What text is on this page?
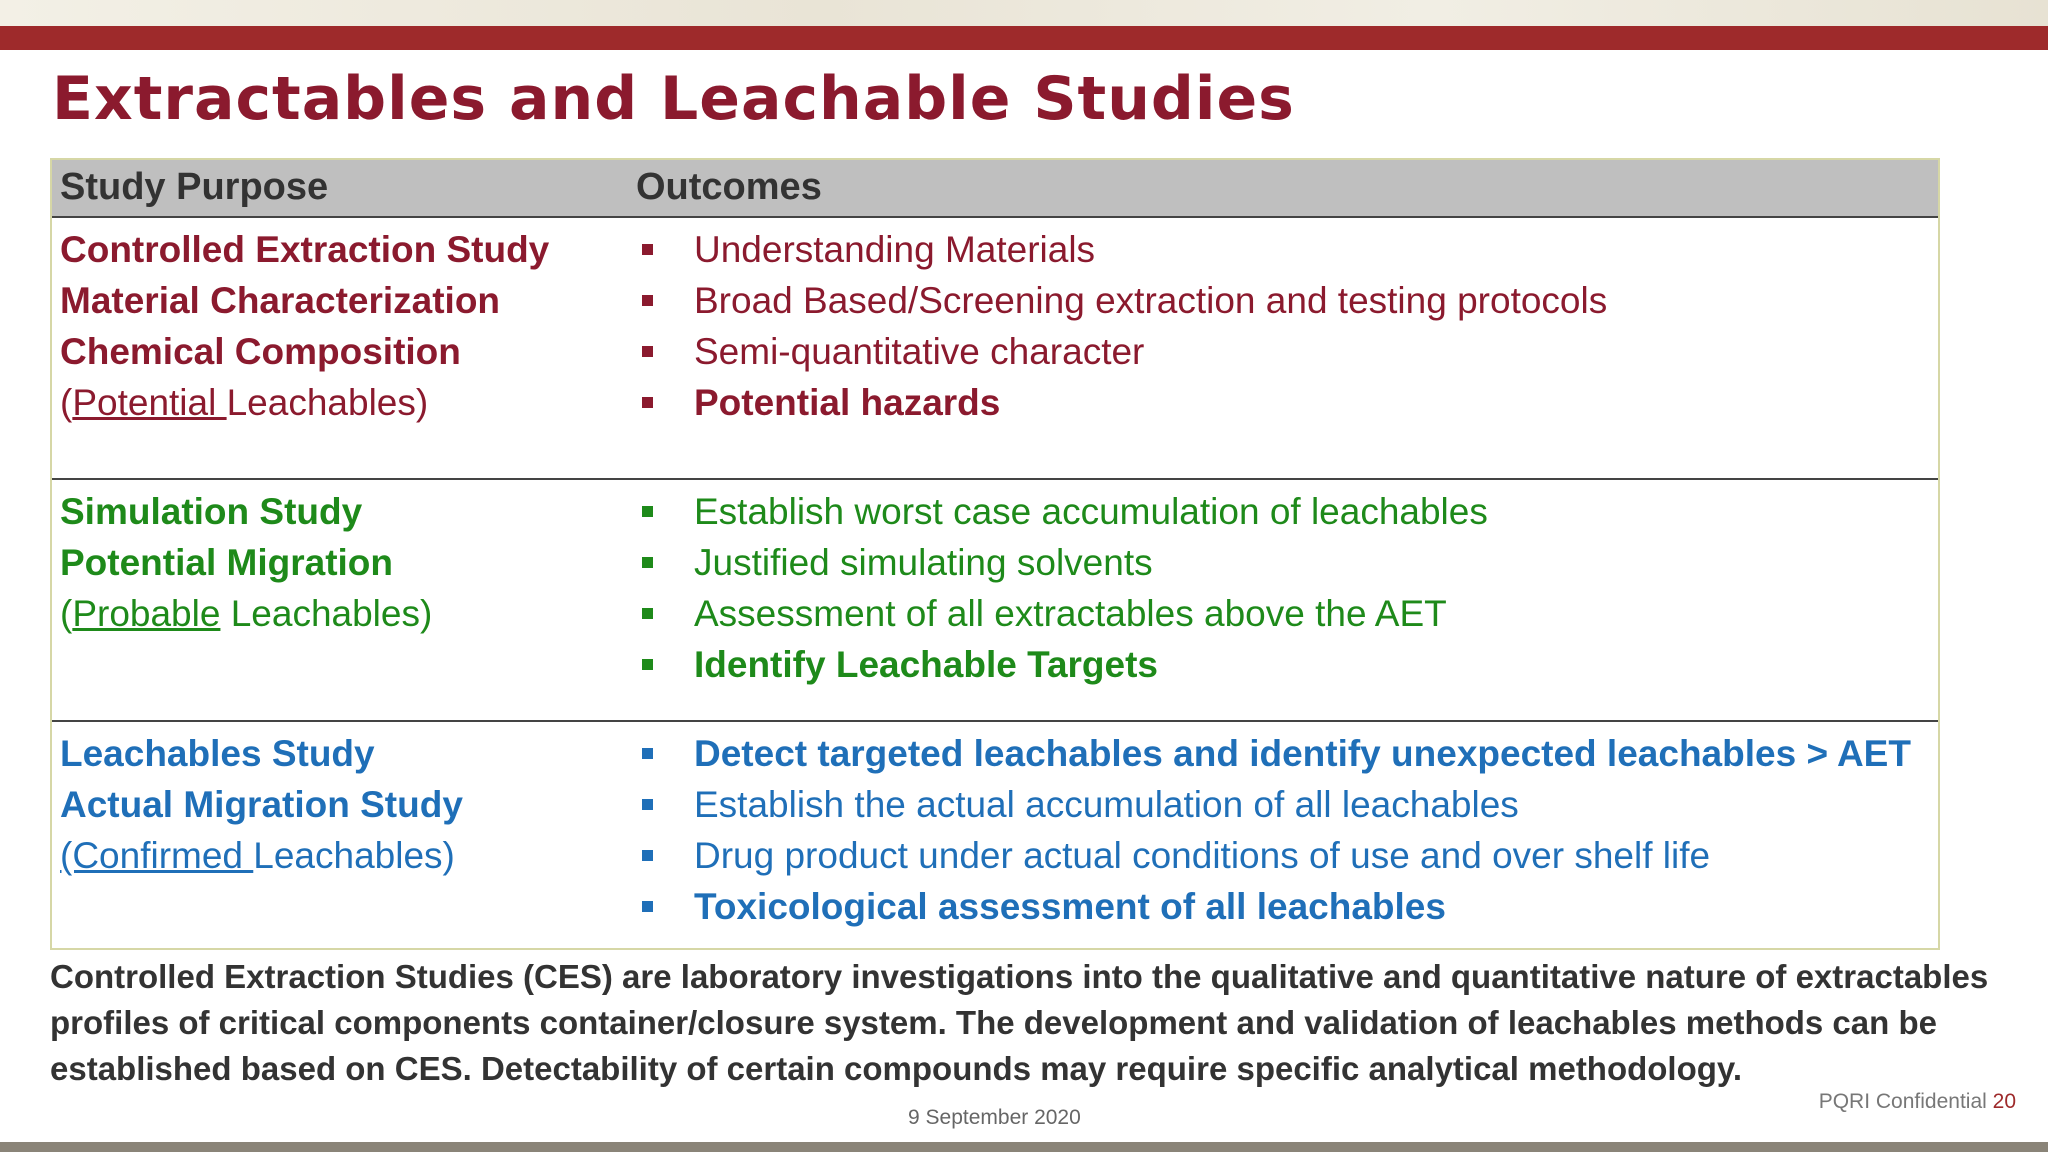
Extractables and Leachable Studies
Study Purpose	Outcomes
Controlled Extraction Study
Material Characterization
Chemical Composition
(Potential Leachables)
Understanding Materials
Broad Based/Screening extraction and testing protocols
Semi-quantitative character
Potential hazards
Simulation Study
Potential Migration
(Probable Leachables)
Establish worst case accumulation of leachables
Justified simulating solvents
Assessment of all extractables above the AET
Identify Leachable Targets
Leachables Study
Actual Migration Study
(Confirmed Leachables)
Detect targeted leachables and identify unexpected leachables > AET
Establish the actual accumulation of all leachables
Drug product under actual conditions of use and over shelf life
Toxicological assessment of all leachables
Controlled Extraction Studies (CES) are laboratory investigations into the qualitative and quantitative nature of extractables
profiles of critical components container/closure system. The development and validation of leachables methods can be
established based on CES. Detectability of certain compounds may require specific analytical methodology.
9 September 2020
PQRI Confidential 20
